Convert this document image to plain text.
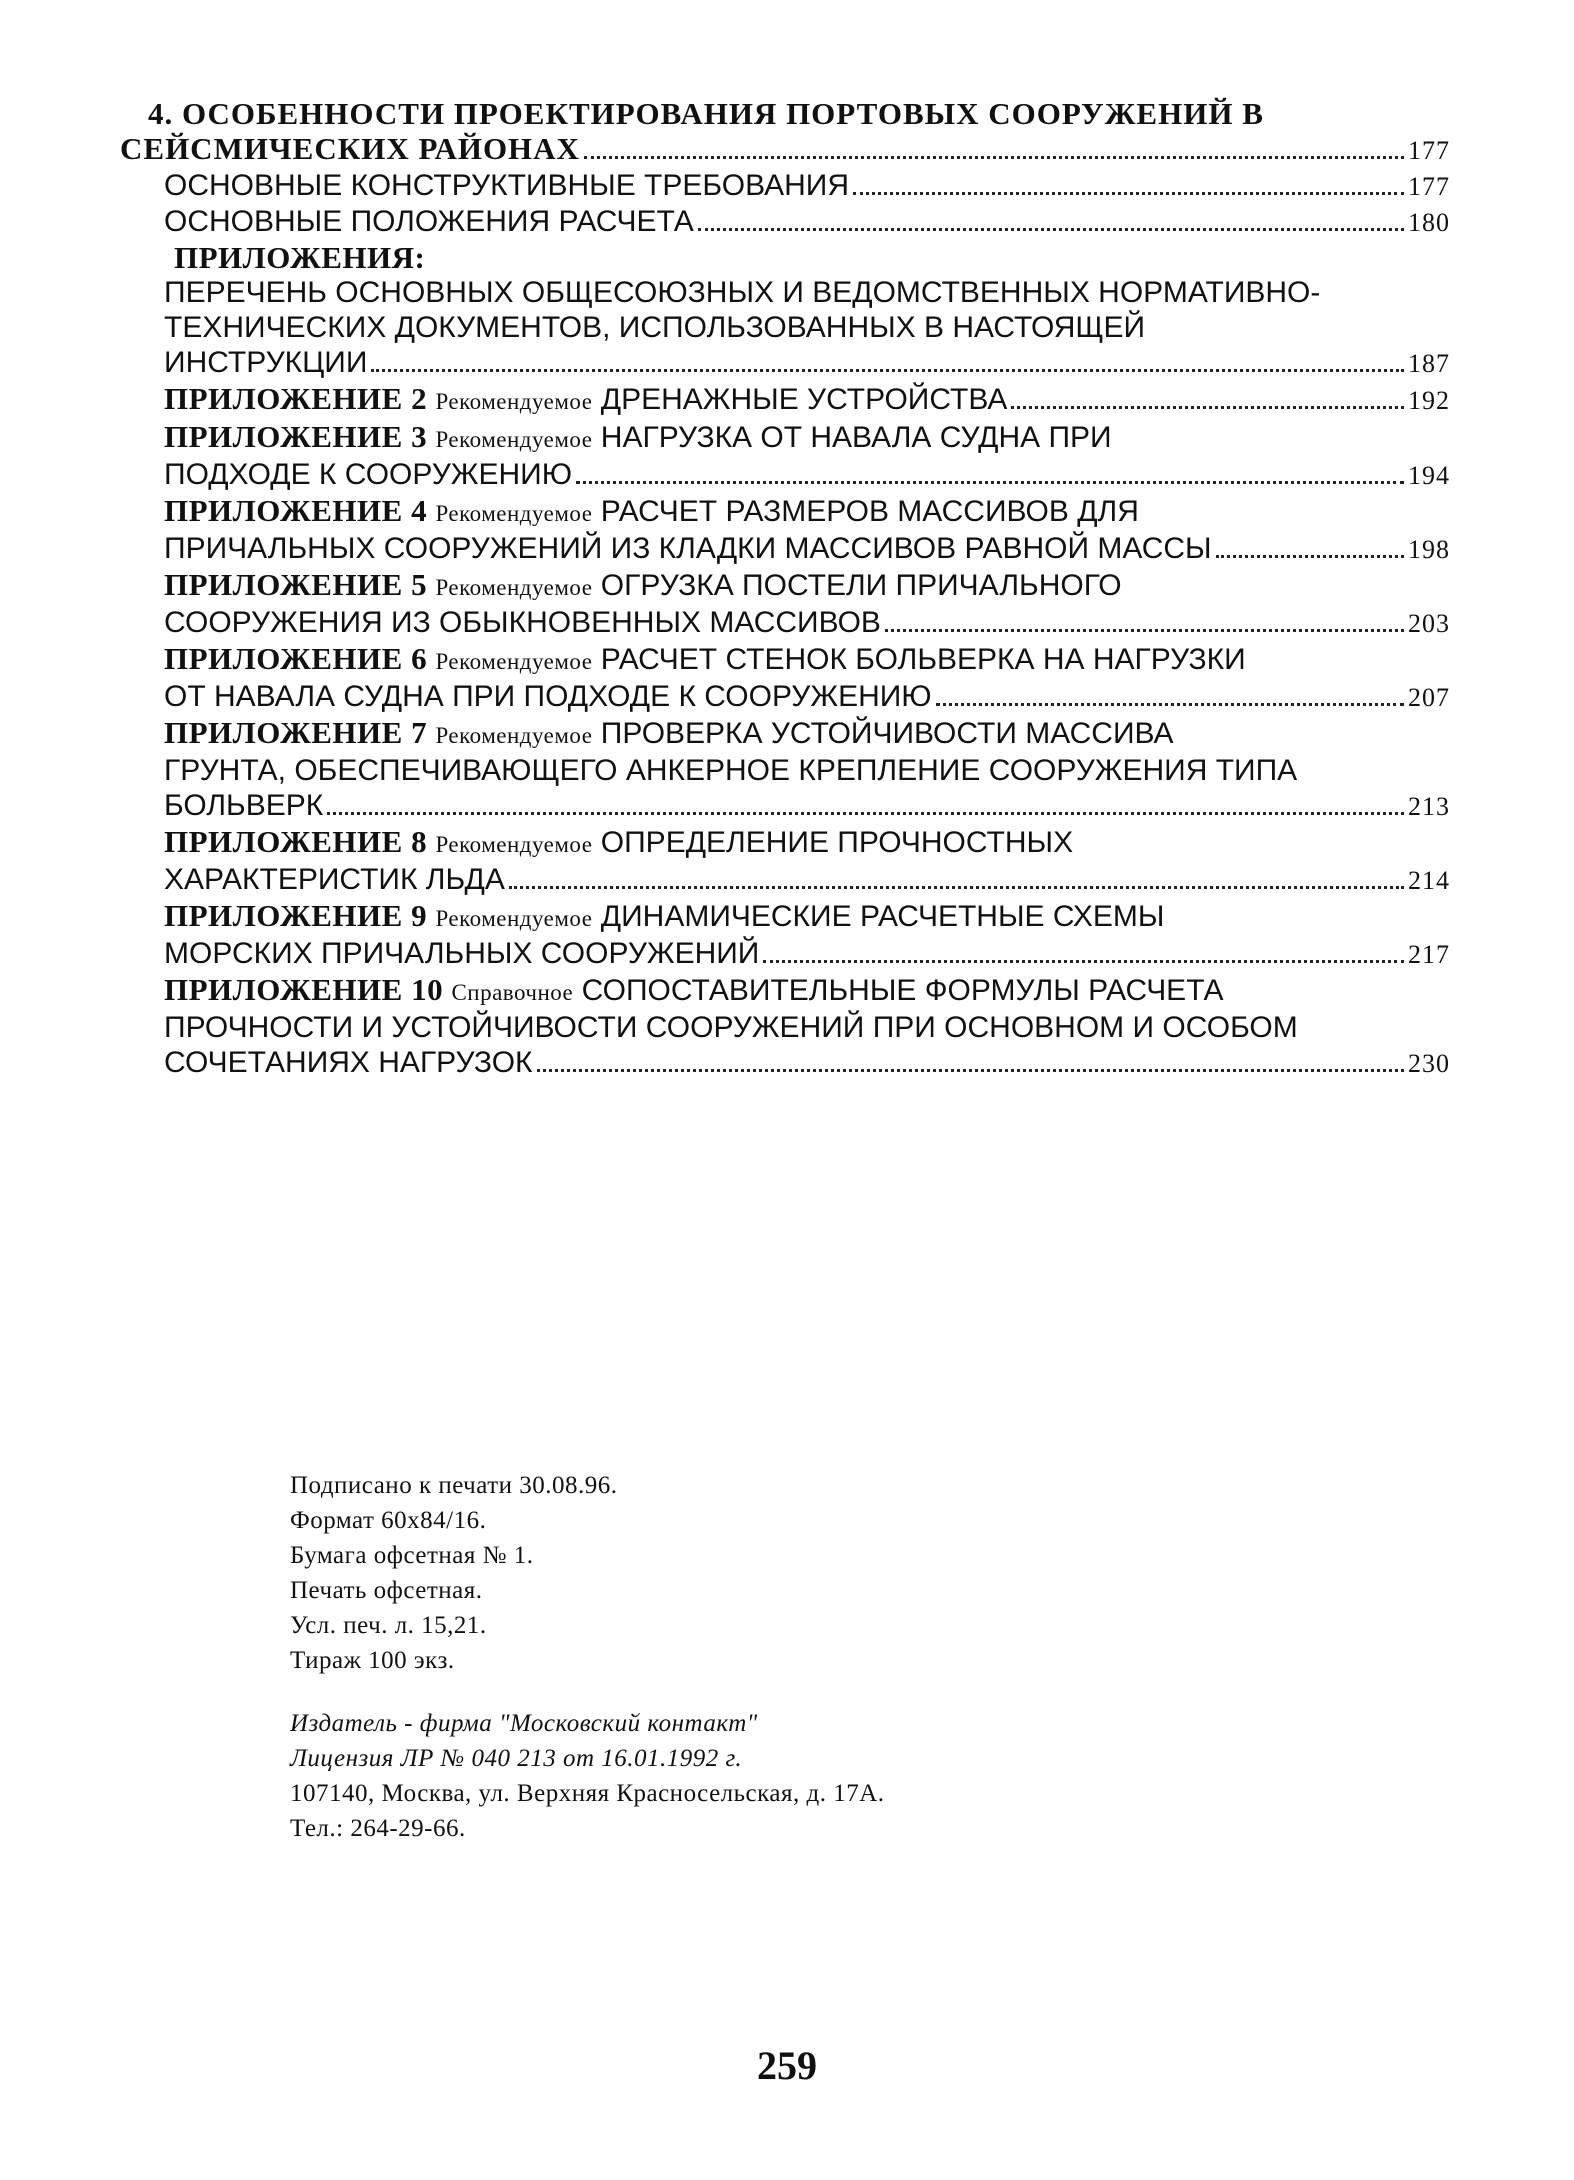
4. ОСОБЕННОСТИ ПРОЕКТИРОВАНИЯ ПОРТОВЫХ СООРУЖЕНИЙ В
СЕЙСМИЧЕСКИХ РАЙОНАХ	177
ОСНОВНЫЕ КОНСТРУКТИВНЫЕ ТРЕБОВАНИЯ	177
ОСНОВНЫЕ ПОЛОЖЕНИЯ РАСЧЕТА	180
ПРИЛОЖЕНИЯ:
ПЕРЕЧЕНЬ ОСНОВНЫХ ОБЩЕСОЮЗНЫХ И ВЕДОМСТВЕННЫХ НОРМАТИВНО-
ТЕХНИЧЕСКИХ ДОКУМЕНТОВ, ИСПОЛЬЗОВАННЫХ В НАСТОЯЩЕЙ
ИНСТРУКЦИИ	187
ПРИЛОЖЕНИЕ 2
Рекомендуемое
ДРЕНАЖНЫЕ УСТРОЙСТВА	192
ПРИЛОЖЕНИЕ 3
Рекомендуемое
НАГРУЗКА ОТ НАВАЛА СУДНА ПРИ
ПОДХОДЕ К СООРУЖЕНИЮ	194
ПРИЛОЖЕНИЕ 4
Рекомендуемое
РАСЧЕТ РАЗМЕРОВ МАССИВОВ ДЛЯ
ПРИЧАЛЬНЫХ СООРУЖЕНИЙ ИЗ КЛАДКИ МАССИВОВ РАВНОЙ МАССЫ	198
ПРИЛОЖЕНИЕ 5
Рекомендуемое
ОГРУЗКА ПОСТЕЛИ ПРИЧАЛЬНОГО
СООРУЖЕНИЯ ИЗ ОБЫКНОВЕННЫХ МАССИВОВ	203
ПРИЛОЖЕНИЕ 6
Рекомендуемое
РАСЧЕТ СТЕНОК БОЛЬВЕРКА НА НАГРУЗКИ
ОТ НАВАЛА СУДНА ПРИ ПОДХОДЕ К СООРУЖЕНИЮ	207
ПРИЛОЖЕНИЕ 7
Рекомендуемое
ПРОВЕРКА УСТОЙЧИВОСТИ МАССИВА
ГРУНТА, ОБЕСПЕЧИВАЮЩЕГО АНКЕРНОЕ КРЕПЛЕНИЕ СООРУЖЕНИЯ ТИПА
БОЛЬВЕРК	213
ПРИЛОЖЕНИЕ 8
Рекомендуемое
ОПРЕДЕЛЕНИЕ ПРОЧНОСТНЫХ
ХАРАКТЕРИСТИК ЛЬДА	214
ПРИЛОЖЕНИЕ 9
Рекомендуемое
ДИНАМИЧЕСКИЕ РАСЧЕТНЫЕ СХЕМЫ
МОРСКИХ ПРИЧАЛЬНЫХ СООРУЖЕНИЙ	217
ПРИЛОЖЕНИЕ 10
Справочное
СОПОСТАВИТЕЛЬНЫЕ ФОРМУЛЫ РАСЧЕТА
ПРОЧНОСТИ И УСТОЙЧИВОСТИ СООРУЖЕНИЙ ПРИ ОСНОВНОМ И ОСОБОМ
СОЧЕТАНИЯХ НАГРУЗОК	230
Подписано к печати 30.08.96.
Формат 60x84/16.
Бумага офсетная № 1.
Печать офсетная.
Усл. печ. л. 15,21.
Тираж 100 экз.
Издатель - фирма "Московский контакт"
Лицензия ЛР № 040 213 от 16.01.1992 г.
107140, Москва, ул. Верхняя Красносельская, д. 17А.
Тел.: 264-29-66.
259
